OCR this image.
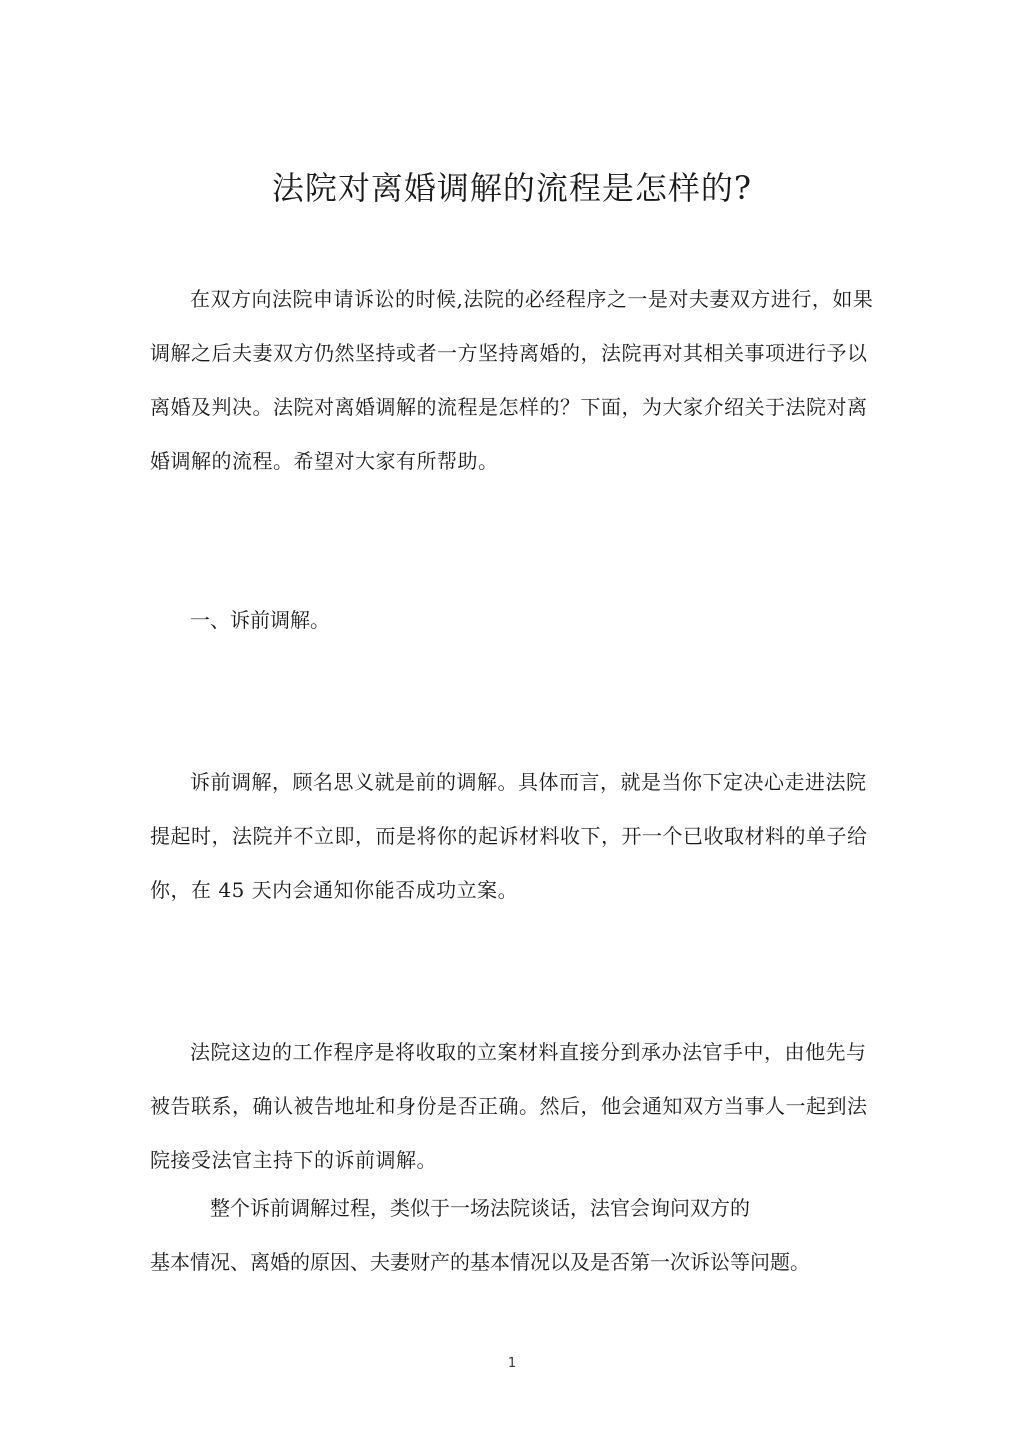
法院对离婚调解的流程是怎样的?

在双方向法院申请诉讼的时候,法院的必经程序之一是对夫妻双方进行，如果调解之后夫妻双方仍然坚持或者一方坚持离婚的，法院再对其相关事项进行予以离婚及判决。法院对离婚调解的流程是怎样的？下面，为大家介绍关于法院对离婚调解的流程。希望对大家有所帮助。

一、诉前调解。

诉前调解，顾名思义就是前的调解。具体而言，就是当你下定决心走进法院提起时，法院并不立即，而是将你的起诉材料收下，开一个已收取材料的单子给你，在 45 天内会通知你能否成功立案。

法院这边的工作程序是将收取的立案材料直接分到承办法官手中，由他先与被告联系，确认被告地址和身份是否正确。然后，他会通知双方当事人一起到法院接受法官主持下的诉前调解。

整个诉前调解过程，类似于一场法院谈话，法官会询问双方的

基本情况、离婚的原因、夫妻财产的基本情况以及是否第一次诉讼等问题。

1
